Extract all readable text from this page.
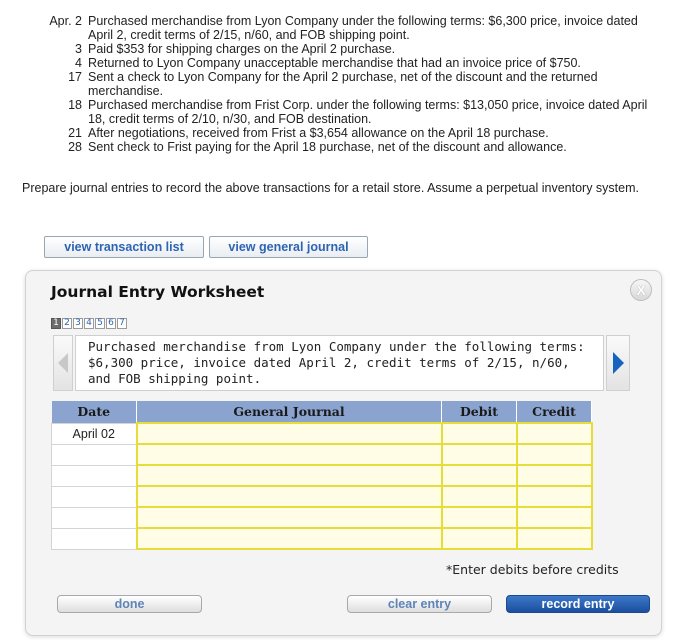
Apr. 2 Purchased merchandise from Lyon Company under the following terms: $6,300 price, invoice dated April 2, credit terms of 2/15, n/60, and FOB shipping point.
3 Paid $353 for shipping charges on the April 2 purchase.
4 Returned to Lyon Company unacceptable merchandise that had an invoice price of $750.
17 Sent a check to Lyon Company for the April 2 purchase, net of the discount and the returned merchandise.
18 Purchased merchandise from Frist Corp. under the following terms: $13,050 price, invoice dated April 18, credit terms of 2/10, n/30, and FOB destination.
21 After negotiations, received from Frist a $3,654 allowance on the April 18 purchase.
28 Sent check to Frist paying for the April 18 purchase, net of the discount and allowance.
Prepare journal entries to record the above transactions for a retail store. Assume a perpetual inventory system.
view transaction list	view general journal
Journal Entry Worksheet	X
1 2 3 4 5 6 7
Purchased merchandise from Lyon Company under the following terms: $6,300 price, invoice dated April 2, credit terms of 2/15, n/60, and FOB shipping point.
Date	General Journal	Debit	Credit
April 02			

*Enter debits before credits
done	clear entry	record entry
